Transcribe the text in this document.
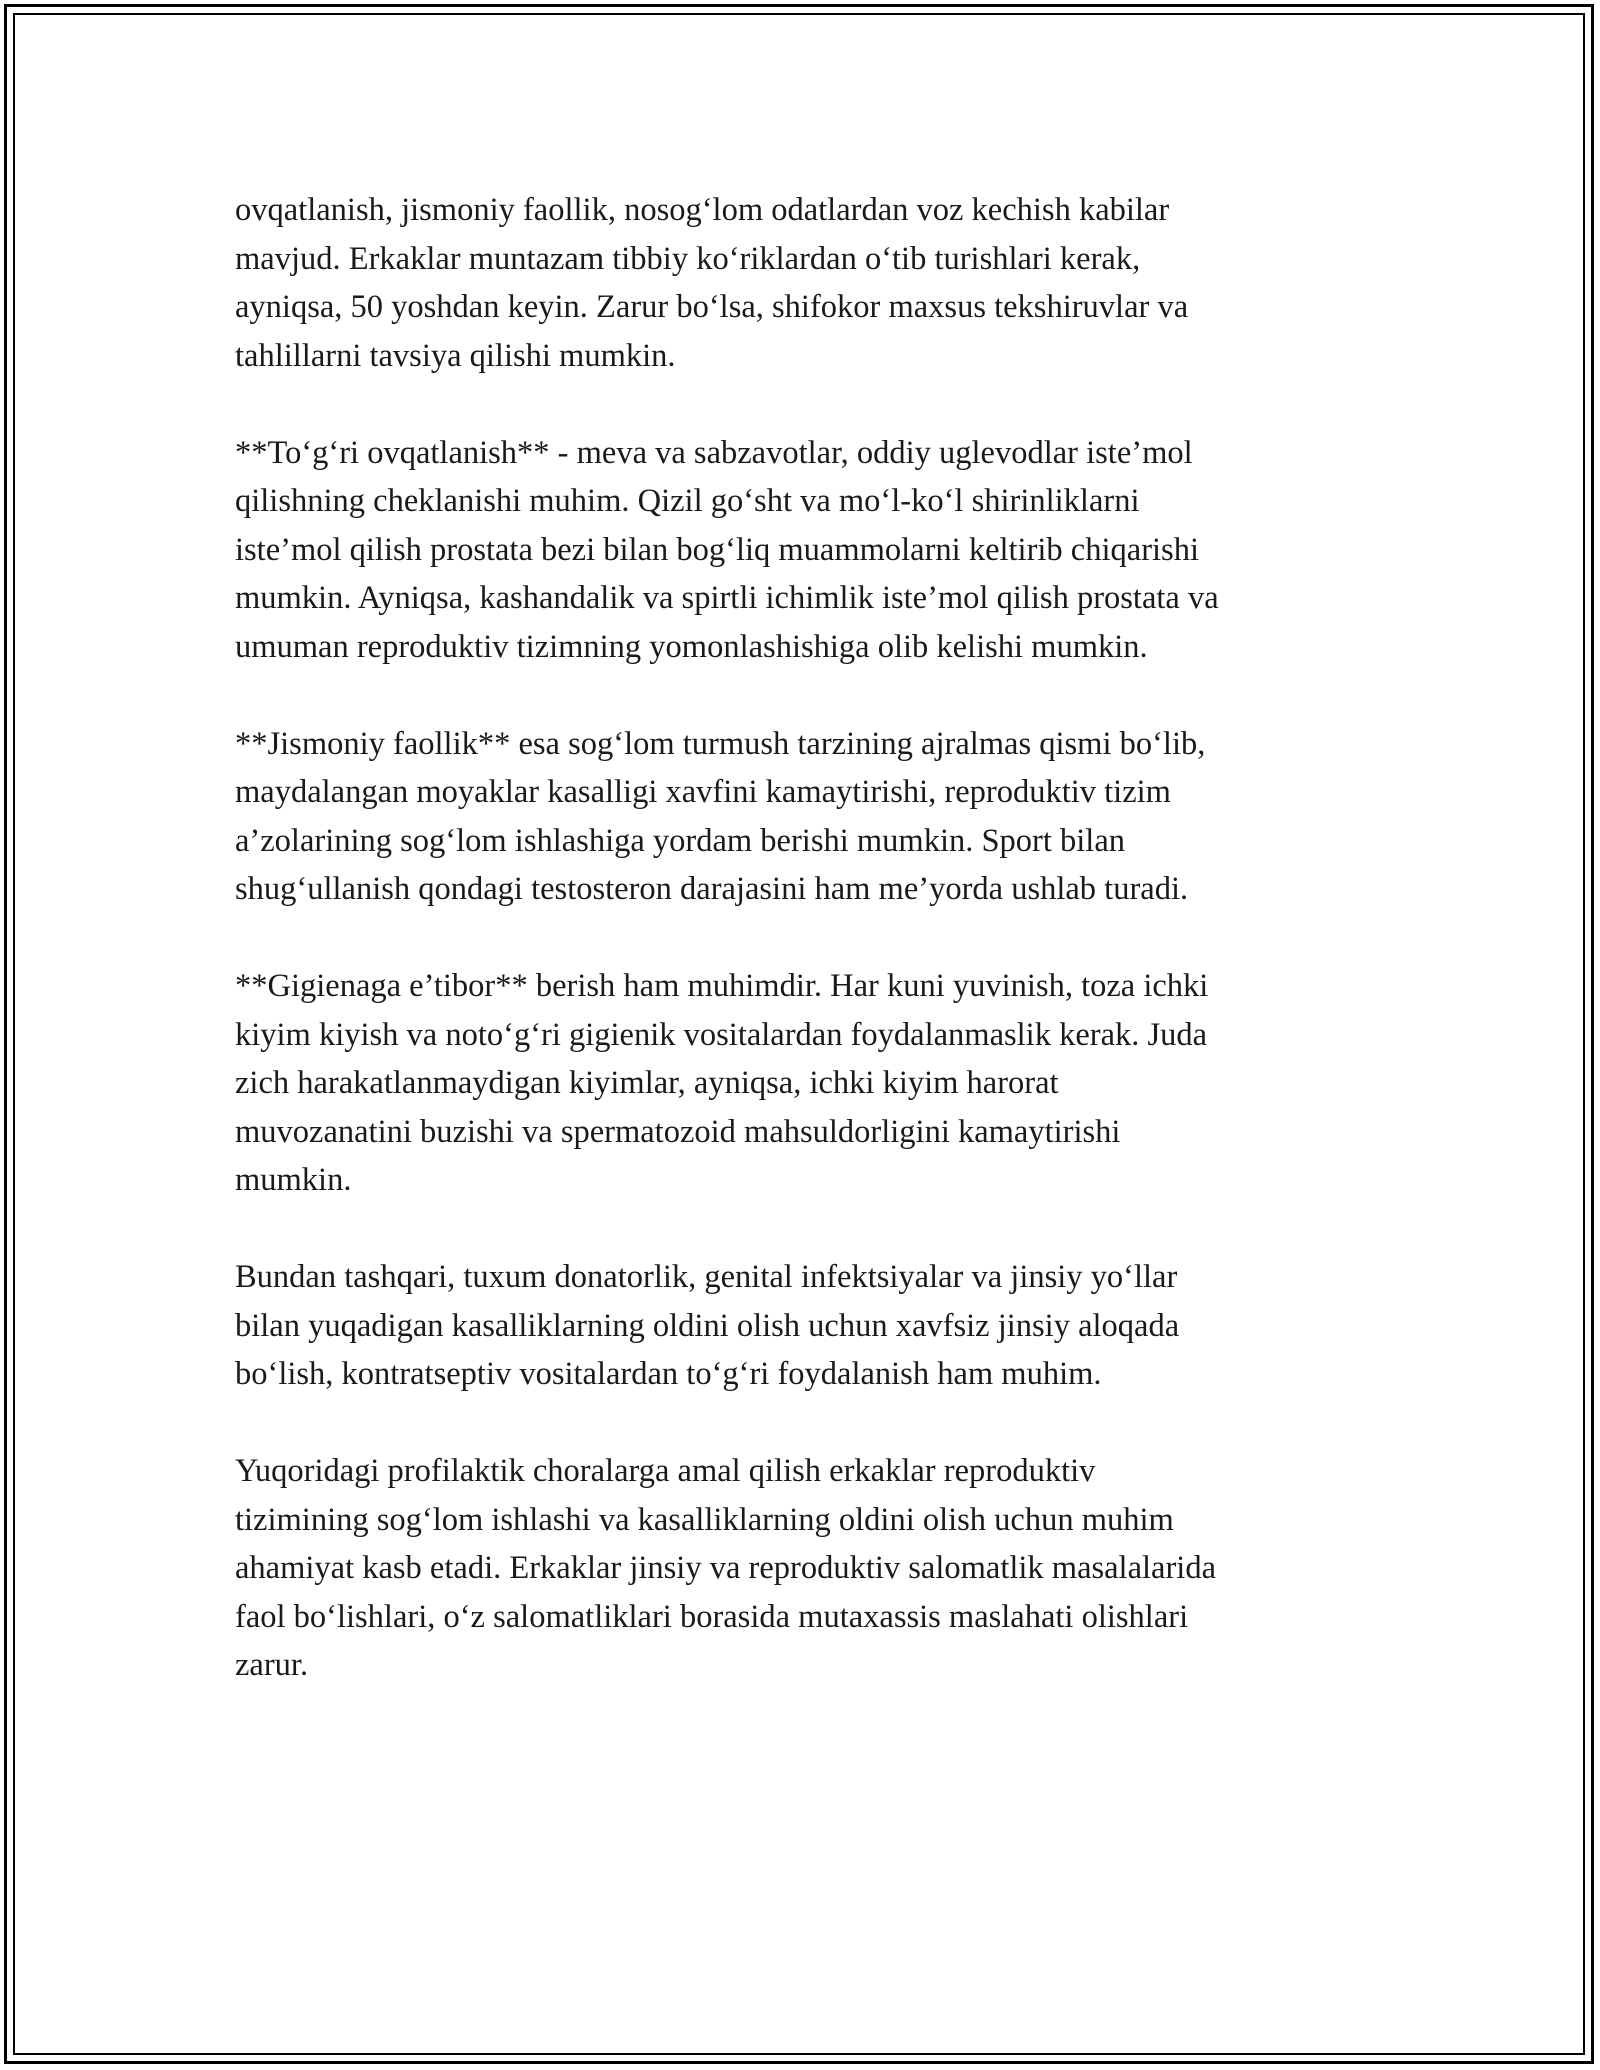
ovqatlanish, jismoniy faollik, nosog‘lom odatlardan voz kechish kabilar
mavjud. Erkaklar muntazam tibbiy ko‘riklardan o‘tib turishlari kerak,
ayniqsa, 50 yoshdan keyin. Zarur bo‘lsa, shifokor maxsus tekshiruvlar va
tahlillarni tavsiya qilishi mumkin.

**To‘g‘ri ovqatlanish** - meva va sabzavotlar, oddiy uglevodlar iste’mol
qilishning cheklanishi muhim. Qizil go‘sht va mo‘l-ko‘l shirinliklarni
iste’mol qilish prostata bezi bilan bog‘liq muammolarni keltirib chiqarishi
mumkin. Ayniqsa, kashandalik va spirtli ichimlik iste’mol qilish prostata va
umuman reproduktiv tizimning yomonlashishiga olib kelishi mumkin.

**Jismoniy faollik** esa sog‘lom turmush tarzining ajralmas qismi bo‘lib,
maydalangan moyaklar kasalligi xavfini kamaytirishi, reproduktiv tizim
a’zolarining sog‘lom ishlashiga yordam berishi mumkin. Sport bilan
shug‘ullanish qondagi testosteron darajasini ham me’yorda ushlab turadi.

**Gigienaga e’tibor** berish ham muhimdir. Har kuni yuvinish, toza ichki
kiyim kiyish va noto‘g‘ri gigienik vositalardan foydalanmaslik kerak. Juda
zich harakatlanmaydigan kiyimlar, ayniqsa, ichki kiyim harorat
muvozanatini buzishi va spermatozoid mahsuldorligini kamaytirishi
mumkin.

Bundan tashqari, tuxum donatorlik, genital infektsiyalar va jinsiy yo‘llar
bilan yuqadigan kasalliklarning oldini olish uchun xavfsiz jinsiy aloqada
bo‘lish, kontratseptiv vositalardan to‘g‘ri foydalanish ham muhim.

Yuqoridagi profilaktik choralarga amal qilish erkaklar reproduktiv
tizimining sog‘lom ishlashi va kasalliklarning oldini olish uchun muhim
ahamiyat kasb etadi. Erkaklar jinsiy va reproduktiv salomatlik masalalarida
faol bo‘lishlari, o‘z salomatliklari borasida mutaxassis maslahati olishlari
zarur.
